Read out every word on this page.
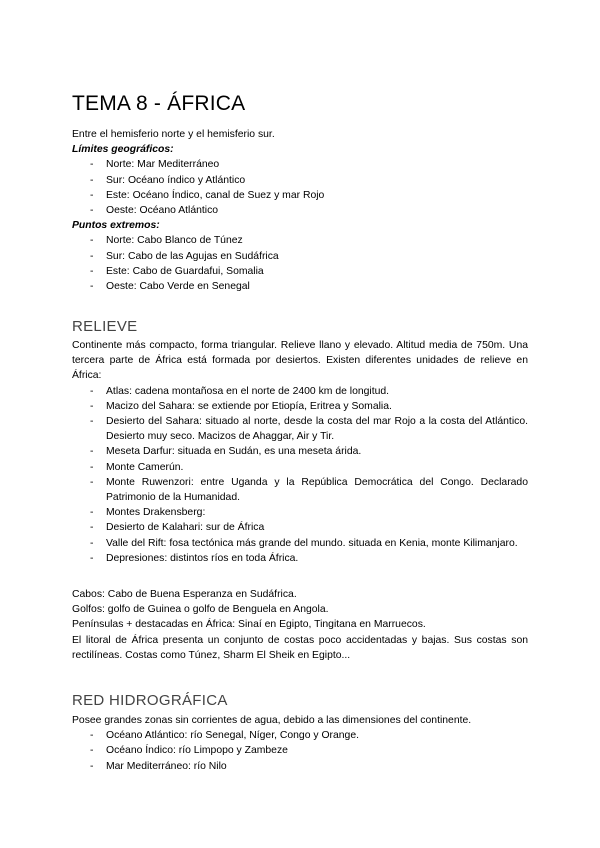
TEMA 8 - ÁFRICA

Entre el hemisferio norte y el hemisferio sur.

Límites geográficos:

- Norte: Mar Mediterráneo
- Sur: Océano índico y Atlántico
- Este: Océano Índico, canal de Suez y mar Rojo
- Oeste: Océano Atlántico

Puntos extremos:

- Norte: Cabo Blanco de Túnez
- Sur: Cabo de las Agujas en Sudáfrica
- Este: Cabo de Guardafui, Somalia
- Oeste: Cabo Verde en Senegal
RELIEVE

Continente más compacto, forma triangular. Relieve llano y elevado. Altitud media de 750m. Una tercera parte de África está formada por desiertos. Existen diferentes unidades de relieve en África:

- Atlas: cadena montañosa en el norte de 2400 km de longitud.
- Macizo del Sahara: se extiende por Etiopía, Eritrea y Somalia.
- Desierto del Sahara: situado al norte, desde la costa del mar Rojo a la costa del Atlántico. Desierto muy seco. Macizos de Ahaggar, Air y Tir.
- Meseta Darfur: situada en Sudán, es una meseta árida.
- Monte Camerún.
- Monte Ruwenzori: entre Uganda y la República Democrática del Congo. Declarado Patrimonio de la Humanidad.
- Montes Drakensberg:
- Desierto de Kalahari: sur de África
- Valle del Rift: fosa tectónica más grande del mundo. situada en Kenia, monte Kilimanjaro.
- Depresiones: distintos ríos en toda África.

Cabos: Cabo de Buena Esperanza en Sudáfrica.

Golfos: golfo de Guinea o golfo de Benguela en Angola.

Penínsulas + destacadas en África: Sinaí en Egipto, Tingitana en Marruecos.

El litoral de África presenta un conjunto de costas poco accidentadas y bajas. Sus costas son rectilíneas. Costas como Túnez, Sharm El Sheik en Egipto...

RED HIDROGRÁFICA

Posee grandes zonas sin corrientes de agua, debido a las dimensiones del continente.

- Océano Atlántico: río Senegal, Níger, Congo y Orange.
- Océano Índico: río Limpopo y Zambeze
- Mar Mediterráneo: río Nilo
